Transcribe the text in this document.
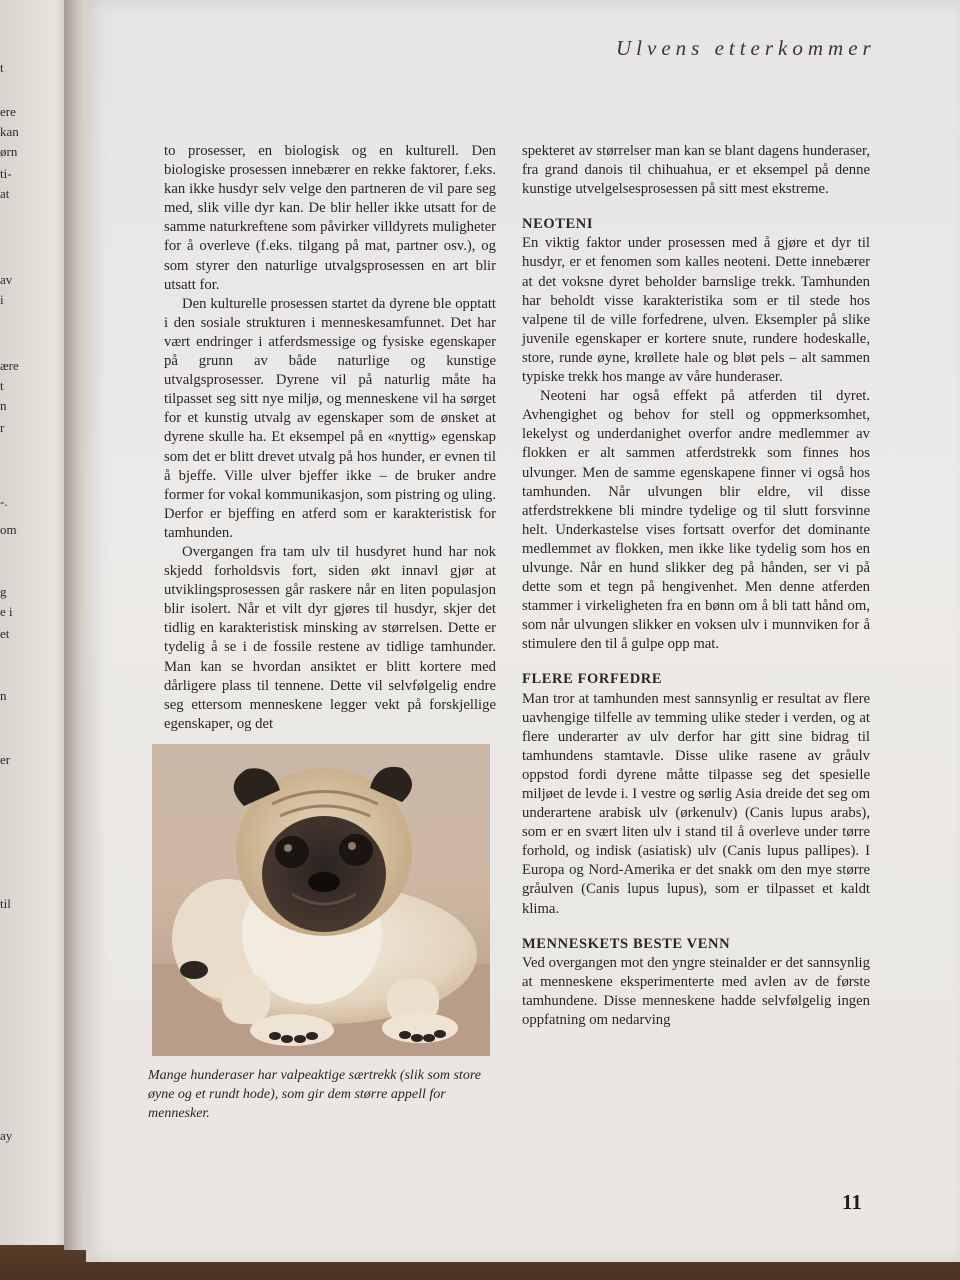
t
ere
kan
ørn
ti-
at
av
i
ære
t
n
r
-.
om
g
e i
et
n
er
til
ay
Ulvens etterkommer

to prosesser, en biologisk og en kulturell. Den biologiske prosessen innebærer en rekke faktorer, f.eks. kan ikke husdyr selv velge den partneren de vil pare seg med, slik ville dyr kan. De blir heller ikke utsatt for de samme naturkreftene som påvirker villdyrets muligheter for å overleve (f.eks. tilgang på mat, partner osv.), og som styrer den naturlige utvalgsprosessen en art blir utsatt for.

Den kulturelle prosessen startet da dyrene ble opptatt i den sosiale strukturen i menneskesamfunnet. Det har vært endringer i atferdsmessige og fysiske egenskaper på grunn av både naturlige og kunstige utvalgsprosesser. Dyrene vil på naturlig måte ha tilpasset seg sitt nye miljø, og menneskene vil ha sørget for et kunstig utvalg av egenskaper som de ønsket at dyrene skulle ha. Et eksempel på en «nyttig» egenskap som det er blitt drevet utvalg på hos hunder, er evnen til å bjeffe. Ville ulver bjeffer ikke – de bruker andre former for vokal kommunikasjon, som pistring og uling. Derfor er bjeffing en atferd som er karakteristisk for tamhunden.

Overgangen fra tam ulv til husdyret hund har nok skjedd forholdsvis fort, siden økt innavl gjør at utviklingsprosessen går raskere når en liten populasjon blir isolert. Når et vilt dyr gjøres til husdyr, skjer det tidlig en karakteristisk minsking av størrelsen. Dette er tydelig å se i de fossile restene av tidlige tamhunder. Man kan se hvordan ansiktet er blitt kortere med dårligere plass til tennene. Dette vil selvfølgelig endre seg ettersom menneskene legger vekt på forskjellige egenskaper, og det

Mange hunderaser har valpeaktige særtrekk (slik som store øyne og et rundt hode), som gir dem større appell for mennesker.

spekteret av størrelser man kan se blant dagens hunderaser, fra grand danois til chihuahua, er et eksempel på denne kunstige utvelgelsesprosessen på sitt mest ekstreme.

NEOTENI

En viktig faktor under prosessen med å gjøre et dyr til husdyr, er et fenomen som kalles neoteni. Dette innebærer at det voksne dyret beholder barnslige trekk. Tamhunden har beholdt visse karakteristika som er til stede hos valpene til de ville forfedrene, ulven. Eksempler på slike juvenile egenskaper er kortere snute, rundere hodeskalle, store, runde øyne, krøllete hale og bløt pels – alt sammen typiske trekk hos mange av våre hunderaser.

Neoteni har også effekt på atferden til dyret. Avhengighet og behov for stell og oppmerksomhet, lekelyst og underdanighet overfor andre medlemmer av flokken er alt sammen atferdstrekk som finnes hos ulvunger. Men de samme egenskapene finner vi også hos tamhunden. Når ulvungen blir eldre, vil disse atferdstrekkene bli mindre tydelige og til slutt forsvinne helt. Underkastelse vises fortsatt overfor det dominante medlemmet av flokken, men ikke like tydelig som hos en ulvunge. Når en hund slikker deg på hånden, ser vi på dette som et tegn på hengivenhet. Men denne atferden stammer i virkeligheten fra en bønn om å bli tatt hånd om, som når ulvungen slikker en voksen ulv i munnviken for å stimulere den til å gulpe opp mat.

FLERE FORFEDRE

Man tror at tamhunden mest sannsynlig er resultat av flere uavhengige tilfelle av temming ulike steder i verden, og at flere underarter av ulv derfor har gitt sine bidrag til tamhundens stamtavle. Disse ulike rasene av gråulv oppstod fordi dyrene måtte tilpasse seg det spesielle miljøet de levde i. I vestre og sørlig Asia dreide det seg om underartene arabisk ulv (ørkenulv) (Canis lupus arabs), som er en svært liten ulv i stand til å overleve under tørre forhold, og indisk (asiatisk) ulv (Canis lupus pallipes). I Europa og Nord-Amerika er det snakk om den mye større gråulven (Canis lupus lupus), som er tilpasset et kaldt klima.

MENNESKETS BESTE VENN

Ved overgangen mot den yngre steinalder er det sannsynlig at menneskene eksperimenterte med avlen av de første tamhundene. Disse menneskene hadde selvfølgelig ingen oppfatning om nedarving

11
